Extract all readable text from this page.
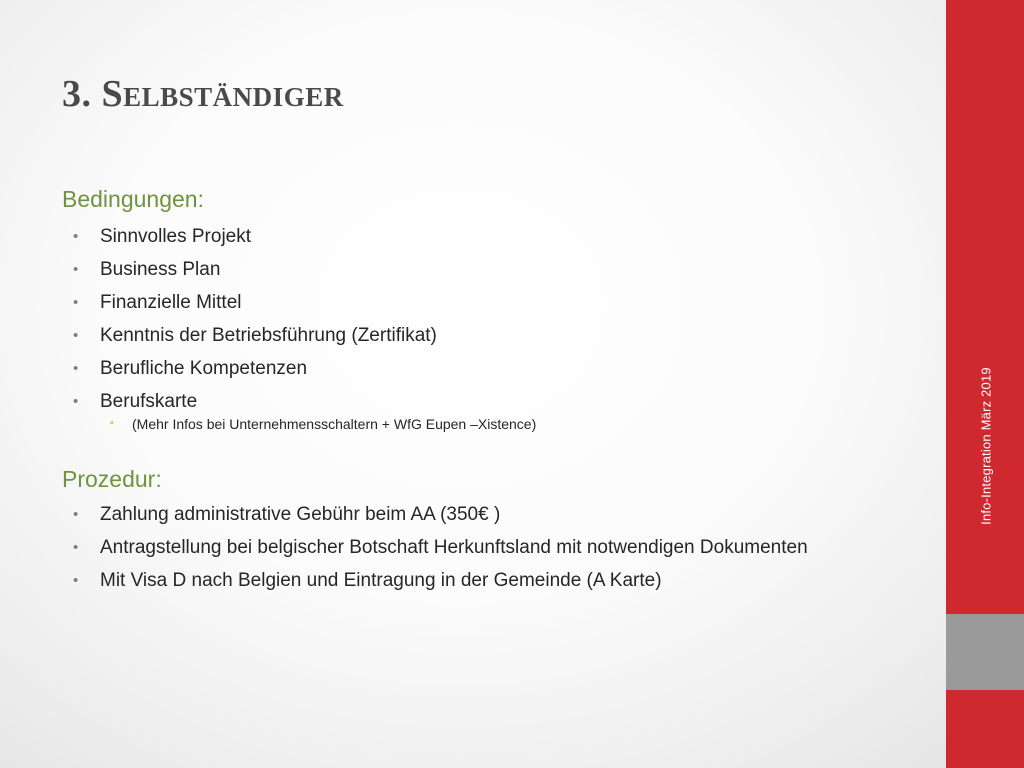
3. Selbständiger
Bedingungen:
• Sinnvolles Projekt
• Business Plan
• Finanzielle Mittel
• Kenntnis der Betriebsführung (Zertifikat)
• Berufliche Kompetenzen
• Berufskarte
▪ (Mehr Infos bei Unternehmensschaltern + WfG Eupen –Xistence)
Prozedur:
• Zahlung administrative Gebühr beim AA (350€ )
• Antragstellung bei belgischer Botschaft Herkunftsland mit notwendigen Dokumenten
• Mit Visa D nach Belgien und Eintragung in der Gemeinde (A Karte)
Info-Integration März 2019
